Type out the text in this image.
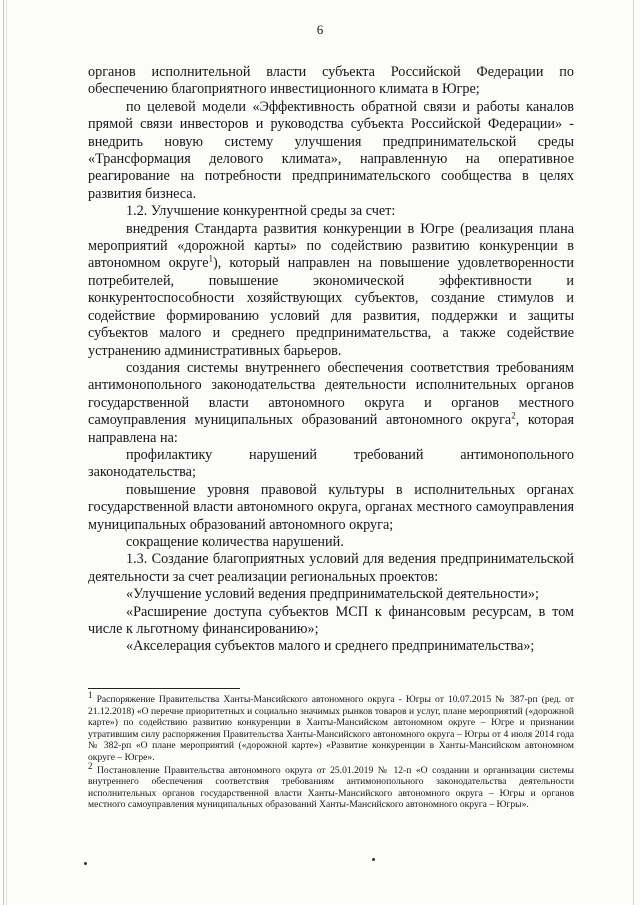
6

органов исполнительной власти субъекта Российской Федерации по обеспечению благоприятного инвестиционного климата в Югре;

по целевой модели «Эффективность обратной связи и работы каналов прямой связи инвесторов и руководства субъекта Российской Федерации» - внедрить новую систему улучшения предпринимательской среды «Трансформация делового климата», направленную на оперативное реагирование на потребности предпринимательского сообщества в целях развития бизнеса.

1.2. Улучшение конкурентной среды за счет:

внедрения Стандарта развития конкуренции в Югре (реализация плана мероприятий «дорожной карты» по содействию развитию конкуренции в автономном округе$^1$), который направлен на повышение удовлетворенности потребителей, повышение экономической эффективности и конкурентоспособности хозяйствующих субъектов, создание стимулов и содействие формированию условий для развития, поддержки и защиты субъектов малого и среднего предпринимательства, а также содействие устранению административных барьеров.

создания системы внутреннего обеспечения соответствия требованиям антимонопольного законодательства деятельности исполнительных органов государственной власти автономного округа и органов местного самоуправления муниципальных образований автономного округа$^2$, которая направлена на:

профилактику нарушений требований антимонопольного законодательства;

повышение уровня правовой культуры в исполнительных органах государственной власти автономного округа, органах местного самоуправления муниципальных образований автономного округа;

сокращение количества нарушений.

1.3. Создание благоприятных условий для ведения предпринимательской деятельности за счет реализации региональных проектов:

«Улучшение условий ведения предпринимательской деятельности»;

«Расширение доступа субъектов МСП к финансовым ресурсам, в том числе к льготному финансированию»;

«Акселерация субъектов малого и среднего предпринимательства»;

$^1$ Распоряжение Правительства Ханты-Мансийского автономного округа - Югры от 10.07.2015 № 387-рп (ред. от 21.12.2018) «О перечне приоритетных и социально значимых рынков товаров и услуг, плане мероприятий («дорожной карте») по содействию развитию конкуренции в Ханты-Мансийском автономном округе – Югре и признании утратившим силу распоряжения Правительства Ханты-Мансийского автономного округа – Югры от 4 июля 2014 года № 382-рп «О плане мероприятий («дорожной карте») «Развитие конкуренции в Ханты-Мансийском автономном округе – Югре».

$^2$ Постановление Правительства автономного округа от 25.01.2019 № 12-п «О создании и организации системы внутреннего обеспечения соответствия требованиям антимонопольного законодательства деятельности исполнительных органов государственной власти Ханты-Мансийского автономного округа – Югры и органов местного самоуправления муниципальных образований Ханты-Мансийского автономного округа – Югры».
